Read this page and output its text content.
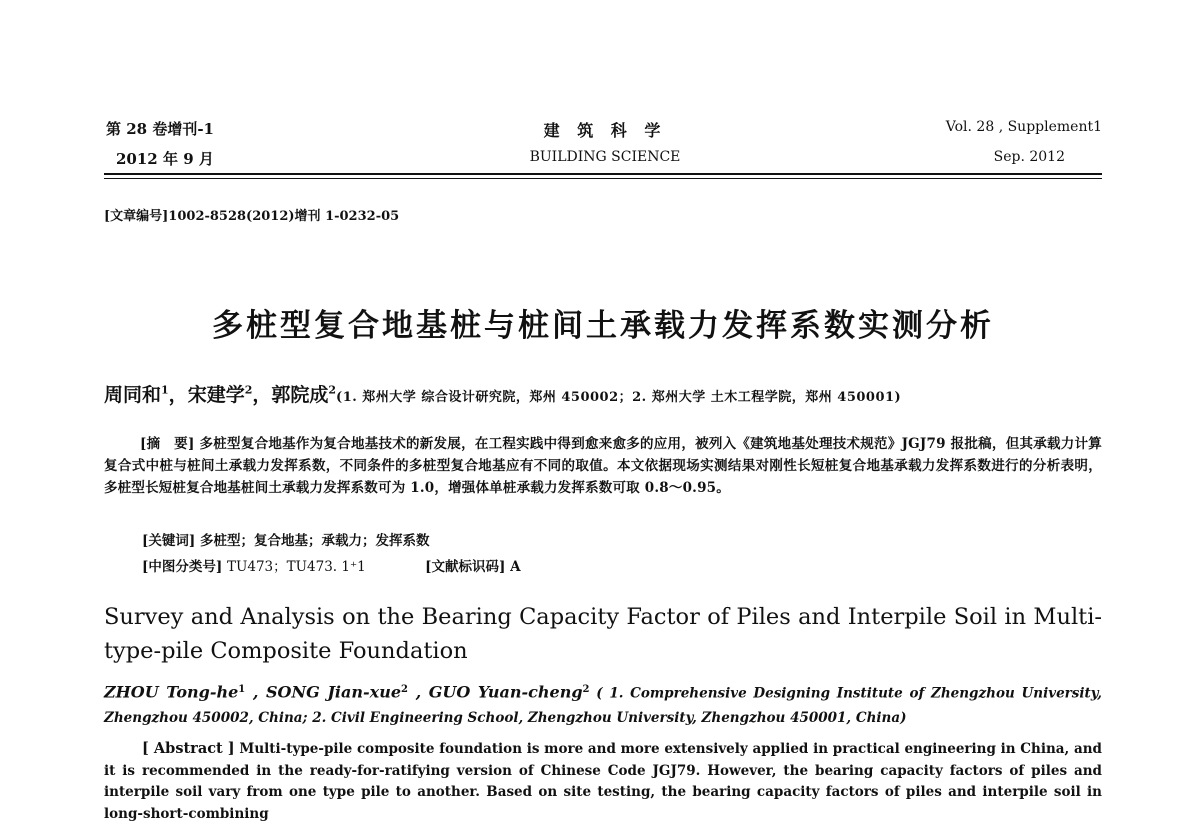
第 28 卷增刊-1
2012 年 9 月
建 筑 科 学
BUILDING SCIENCE
Vol. 28 , Supplement1
Sep. 2012
[文章编号]1002-8528(2012)增刊 1-0232-05
多桩型复合地基桩与桩间土承载力发挥系数实测分析
周同和$^1$，宋建学$^2$，郭院成$^2$(1. 郑州大学 综合设计研究院，郑州 450002；2. 郑州大学 土木工程学院，郑州 450001)

[摘　要] 多桩型复合地基作为复合地基技术的新发展，在工程实践中得到愈来愈多的应用，被列入《建筑地基处理技术规范》JGJ79 报批稿，但其承载力计算复合式中桩与桩间土承载力发挥系数，不同条件的多桩型复合地基应有不同的取值。本文依据现场实测结果对刚性长短桩复合地基承载力发挥系数进行的分析表明，多桩型长短桩复合地基桩间土承载力发挥系数可为 1.0，增强体单桩承载力发挥系数可取 0.8～0.95。

[关键词] 多桩型；复合地基；承载力；发挥系数
[中图分类号] TU473；TU473. 1⁺1	[文献标识码] A
Survey and Analysis on the Bearing Capacity Factor of Piles and Interpile Soil in Multi-type-pile Composite Foundation
ZHOU Tong-$he^1$ , SONG Jian-xue$^2$ , GUO Yuan-cheng$^2$ ( 1. Comprehensive Designing Institute of Zhengzhou University, Zhengzhou 450002, China; 2. Civil Engineering School, Zhengzhou University, Zhengzhou 450001, China)

[ Abstract ] Multi-type-pile composite foundation is more and more extensively applied in practical engineering in China, and it is recommended in the ready-for-ratifying version of Chinese Code JGJ79. However, the bearing capacity factors of piles and interpile soil vary from one type pile to another. Based on site testing, the bearing capacity factors of piles and interpile soil in long-short-combining
